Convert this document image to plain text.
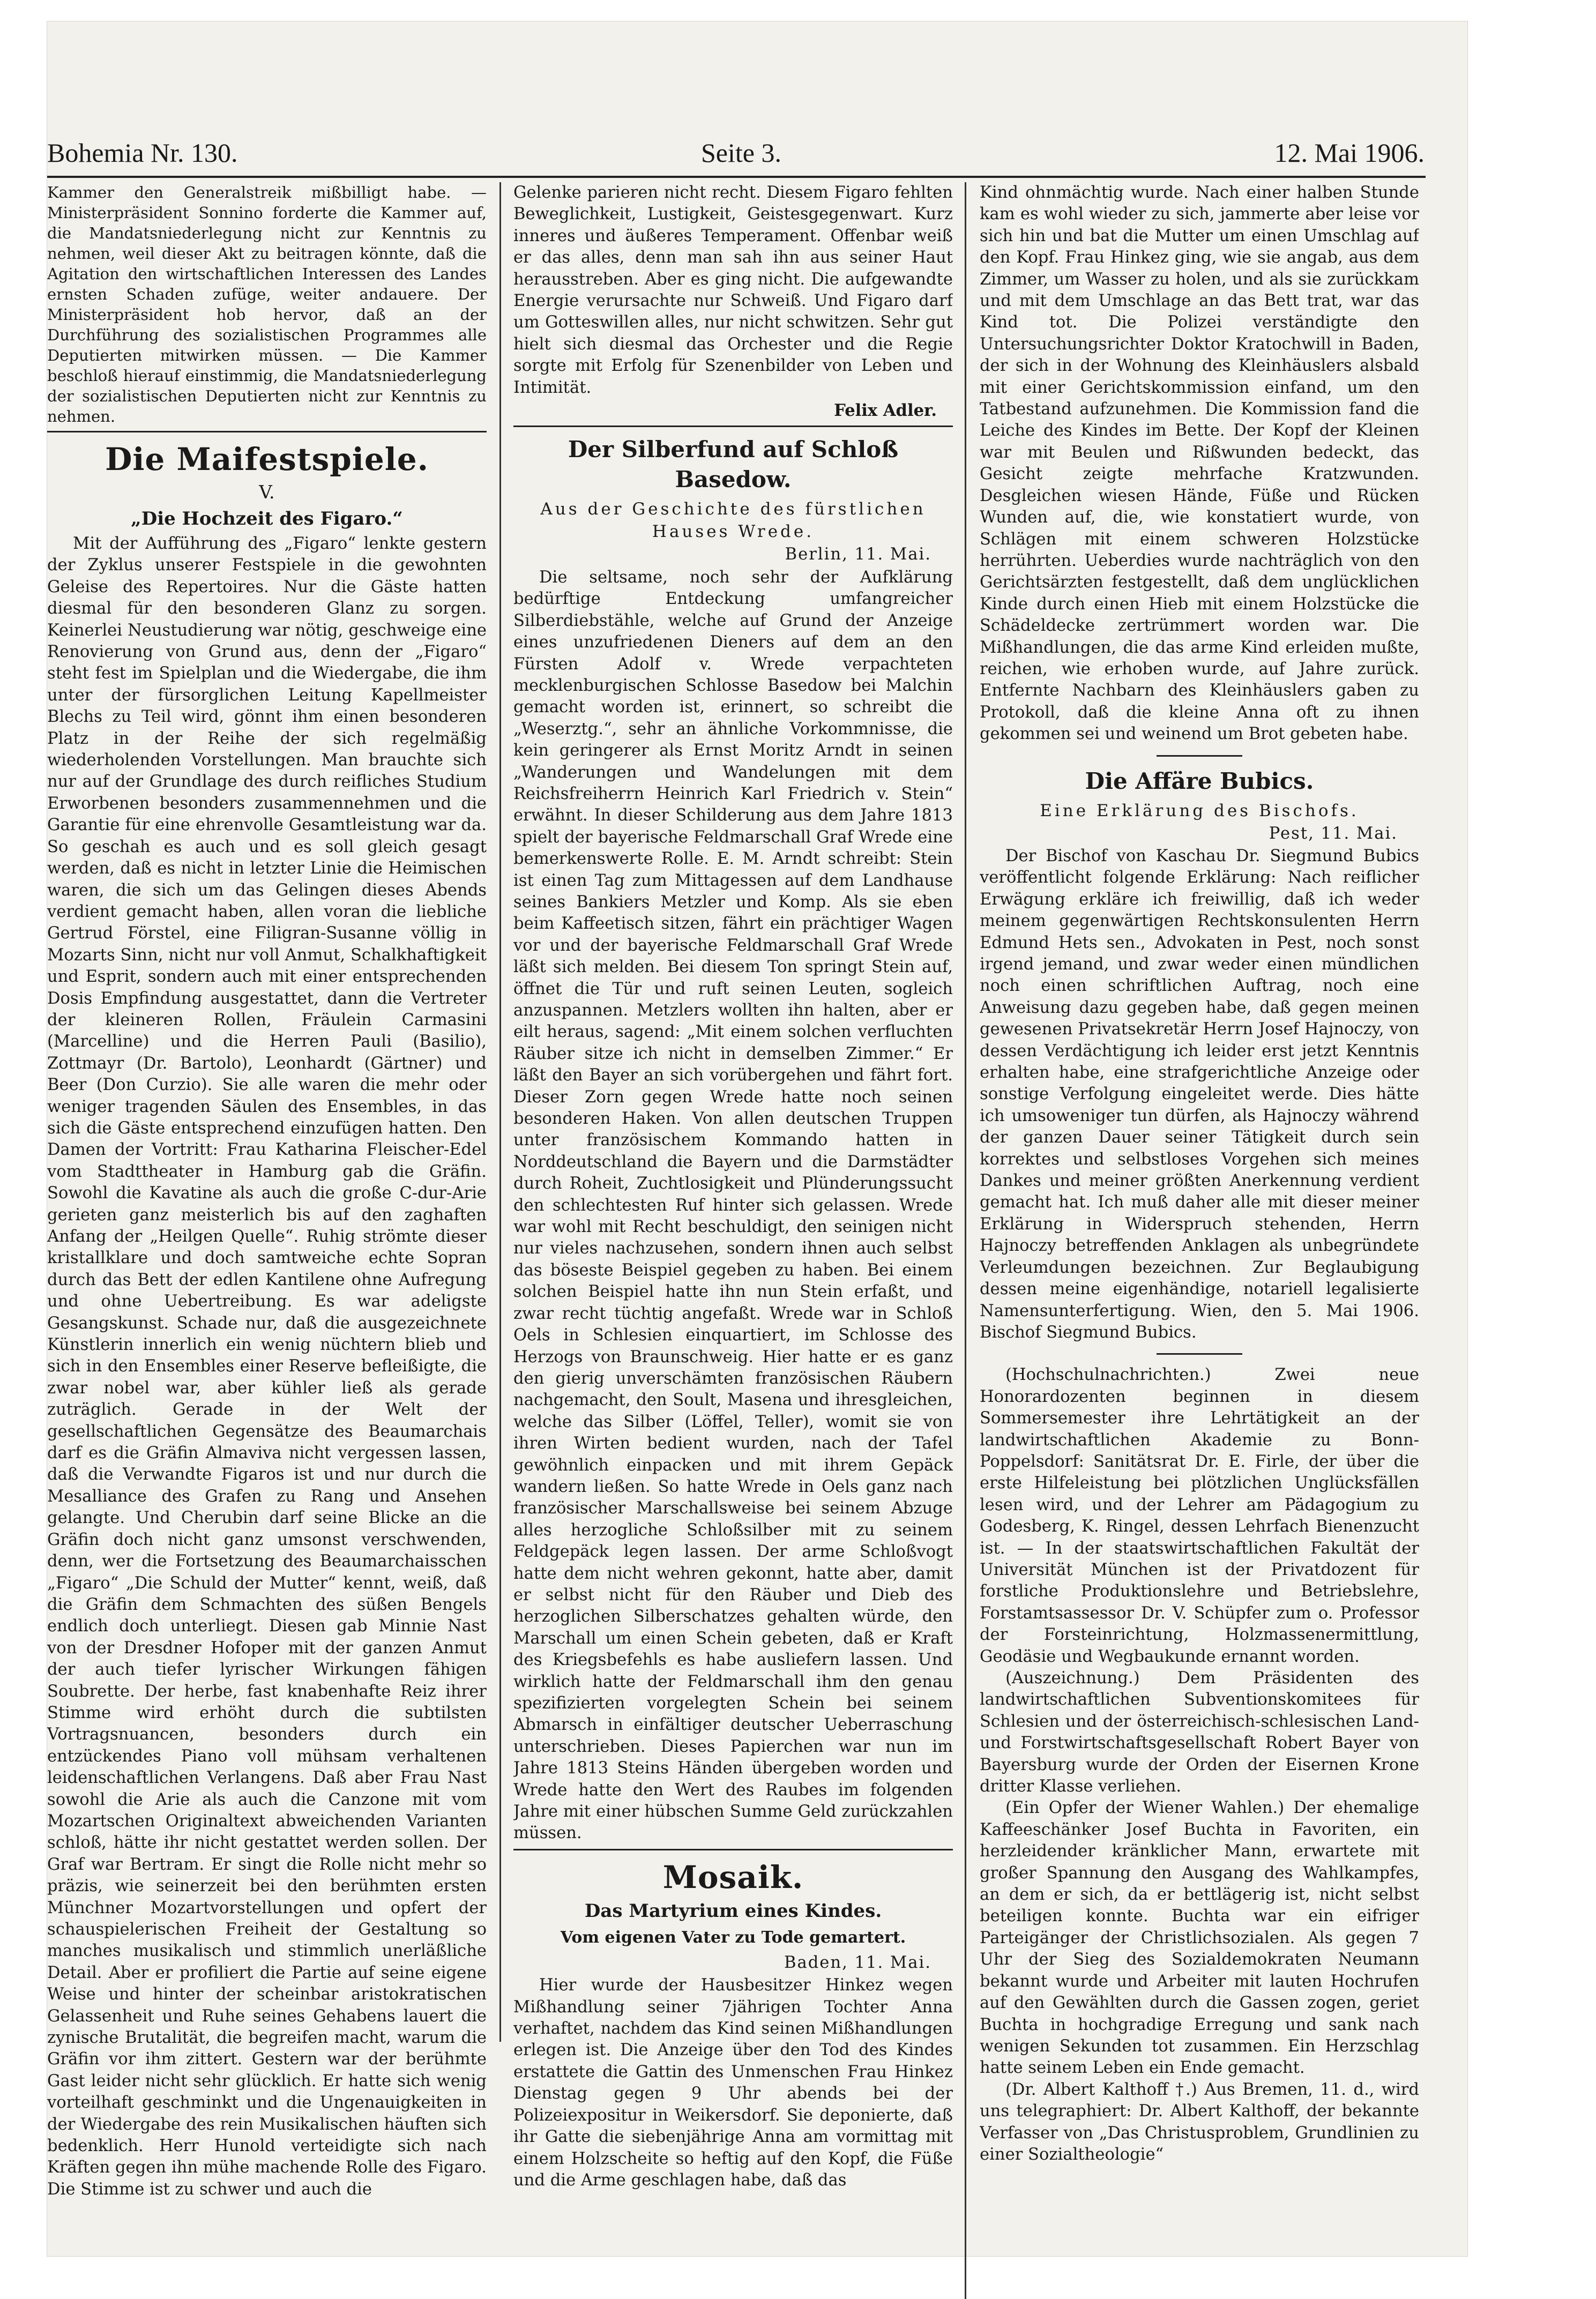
Bohemia Nr. 130.	Seite 3.	12. Mai 1906.

Kammer den Generalstreik mißbilligt habe. — Ministerpräsident Sonnino forderte die Kammer auf, die Mandatsniederlegung nicht zur Kenntnis zu nehmen, weil dieser Akt zu beitragen könnte, daß die Agitation den wirtschaftlichen Interessen des Landes ernsten Schaden zufüge, weiter andauere. Der Ministerpräsident hob hervor, daß an der Durchführung des sozialistischen Programmes alle Deputierten mitwirken müssen. — Die Kammer beschloß hierauf einstimmig, die Mandatsniederlegung der sozialistischen Deputierten nicht zur Kenntnis zu nehmen.

Die Maifestspiele.
V.
„Die Hochzeit des Figaro.“

Mit der Aufführung des „Figaro“ lenkte gestern der Zyklus unserer Festspiele in die gewohnten Geleise des Repertoires. Nur die Gäste hatten diesmal für den besonderen Glanz zu sorgen. Keinerlei Neustudierung war nötig, geschweige eine Renovierung von Grund aus, denn der „Figaro“ steht fest im Spielplan und die Wiedergabe, die ihm unter der fürsorglichen Leitung Kapellmeister Blechs zu Teil wird, gönnt ihm einen besonderen Platz in der Reihe der sich regelmäßig wiederholenden Vorstellungen. Man brauchte sich nur auf der Grundlage des durch reifliches Studium Erworbenen besonders zusammennehmen und die Garantie für eine ehrenvolle Gesamtleistung war da. So geschah es auch und es soll gleich gesagt werden, daß es nicht in letzter Linie die Heimischen waren, die sich um das Gelingen dieses Abends verdient gemacht haben, allen voran die liebliche Gertrud Förstel, eine Filigran-Susanne völlig in Mozarts Sinn, nicht nur voll Anmut, Schalkhaftigkeit und Esprit, sondern auch mit einer entsprechenden Dosis Empfindung ausgestattet, dann die Vertreter der kleineren Rollen, Fräulein Carmasini (Marcelline) und die Herren Pauli (Basilio), Zottmayr (Dr. Bartolo), Leonhardt (Gärtner) und Beer (Don Curzio). Sie alle waren die mehr oder weniger tragenden Säulen des Ensembles, in das sich die Gäste entsprechend einzufügen hatten. Den Damen der Vortritt: Frau Katharina Fleischer-Edel vom Stadttheater in Hamburg gab die Gräfin. Sowohl die Kavatine als auch die große C-dur-Arie gerieten ganz meisterlich bis auf den zaghaften Anfang der „Heilgen Quelle“. Ruhig strömte dieser kristallklare und doch samtweiche echte Sopran durch das Bett der edlen Kantilene ohne Aufregung und ohne Uebertreibung. Es war adeligste Gesangskunst. Schade nur, daß die ausgezeichnete Künstlerin innerlich ein wenig nüchtern blieb und sich in den Ensembles einer Reserve befleißigte, die zwar nobel war, aber kühler ließ als gerade zuträglich. Gerade in der Welt der gesellschaftlichen Gegensätze des Beaumarchais darf es die Gräfin Almaviva nicht vergessen lassen, daß die Verwandte Figaros ist und nur durch die Mesalliance des Grafen zu Rang und Ansehen gelangte. Und Cherubin darf seine Blicke an die Gräfin doch nicht ganz umsonst verschwenden, denn, wer die Fortsetzung des Beaumarchaisschen „Figaro“ „Die Schuld der Mutter“ kennt, weiß, daß die Gräfin dem Schmachten des süßen Bengels endlich doch unterliegt. Diesen gab Minnie Nast von der Dresdner Hofoper mit der ganzen Anmut der auch tiefer lyrischer Wirkungen fähigen Soubrette. Der herbe, fast knabenhafte Reiz ihrer Stimme wird erhöht durch die subtilsten Vortragsnuancen, besonders durch ein entzückendes Piano voll mühsam verhaltenen leidenschaftlichen Verlangens. Daß aber Frau Nast sowohl die Arie als auch die Canzone mit vom Mozartschen Originaltext abweichenden Varianten schloß, hätte ihr nicht gestattet werden sollen. Der Graf war Bertram. Er singt die Rolle nicht mehr so präzis, wie seinerzeit bei den berühmten ersten Münchner Mozartvorstellungen und opfert der schauspielerischen Freiheit der Gestaltung so manches musikalisch und stimmlich unerläßliche Detail. Aber er profiliert die Partie auf seine eigene Weise und hinter der scheinbar aristokratischen Gelassenheit und Ruhe seines Gehabens lauert die zynische Brutalität, die begreifen macht, warum die Gräfin vor ihm zittert. Gestern war der berühmte Gast leider nicht sehr glücklich. Er hatte sich wenig vorteilhaft geschminkt und die Ungenauigkeiten in der Wiedergabe des rein Musikalischen häuften sich bedenklich. Herr Hunold verteidigte sich nach Kräften gegen ihn mühe machende Rolle des Figaro. Die Stimme ist zu schwer und auch die

Gelenke parieren nicht recht. Diesem Figaro fehlten Beweglichkeit, Lustigkeit, Geistesgegenwart. Kurz inneres und äußeres Temperament. Offenbar weiß er das alles, denn man sah ihn aus seiner Haut herausstreben. Aber es ging nicht. Die aufgewandte Energie verursachte nur Schweiß. Und Figaro darf um Gotteswillen alles, nur nicht schwitzen. Sehr gut hielt sich diesmal das Orchester und die Regie sorgte mit Erfolg für Szenenbilder von Leben und Intimität.

Felix Adler.
Der Silberfund auf Schloß Basedow.
Aus der Geschichte des fürstlichen Hauses Wrede.
Berlin, 11. Mai.

Die seltsame, noch sehr der Aufklärung bedürftige Entdeckung umfangreicher Silberdiebstähle, welche auf Grund der Anzeige eines unzufriedenen Dieners auf dem an den Fürsten Adolf v. Wrede verpachteten mecklenburgischen Schlosse Basedow bei Malchin gemacht worden ist, erinnert, so schreibt die „Weserztg.“, sehr an ähnliche Vorkommnisse, die kein geringerer als Ernst Moritz Arndt in seinen „Wanderungen und Wandelungen mit dem Reichsfreiherrn Heinrich Karl Friedrich v. Stein“ erwähnt. In dieser Schilderung aus dem Jahre 1813 spielt der bayerische Feldmarschall Graf Wrede eine bemerkenswerte Rolle. E. M. Arndt schreibt: Stein ist einen Tag zum Mittagessen auf dem Landhause seines Bankiers Metzler und Komp. Als sie eben beim Kaffeetisch sitzen, fährt ein prächtiger Wagen vor und der bayerische Feldmarschall Graf Wrede läßt sich melden. Bei diesem Ton springt Stein auf, öffnet die Tür und ruft seinen Leuten, sogleich anzuspannen. Metzlers wollten ihn halten, aber er eilt heraus, sagend: „Mit einem solchen verfluchten Räuber sitze ich nicht in demselben Zimmer.“ Er läßt den Bayer an sich vorübergehen und fährt fort. Dieser Zorn gegen Wrede hatte noch seinen besonderen Haken. Von allen deutschen Truppen unter französischem Kommando hatten in Norddeutschland die Bayern und die Darmstädter durch Roheit, Zuchtlosigkeit und Plünderungssucht den schlechtesten Ruf hinter sich gelassen. Wrede war wohl mit Recht beschuldigt, den seinigen nicht nur vieles nachzusehen, sondern ihnen auch selbst das böseste Beispiel gegeben zu haben. Bei einem solchen Beispiel hatte ihn nun Stein erfaßt, und zwar recht tüchtig angefaßt. Wrede war in Schloß Oels in Schlesien einquartiert, im Schlosse des Herzogs von Braunschweig. Hier hatte er es ganz den gierig unverschämten französischen Räubern nachgemacht, den Soult, Masena und ihresgleichen, welche das Silber (Löffel, Teller), womit sie von ihren Wirten bedient wurden, nach der Tafel gewöhnlich einpacken und mit ihrem Gepäck wandern ließen. So hatte Wrede in Oels ganz nach französischer Marschallsweise bei seinem Abzuge alles herzogliche Schloßsilber mit zu seinem Feldgepäck legen lassen. Der arme Schloßvogt hatte dem nicht wehren gekonnt, hatte aber, damit er selbst nicht für den Räuber und Dieb des herzoglichen Silberschatzes gehalten würde, den Marschall um einen Schein gebeten, daß er Kraft des Kriegsbefehls es habe ausliefern lassen. Und wirklich hatte der Feldmarschall ihm den genau spezifizierten vorgelegten Schein bei seinem Abmarsch in einfältiger deutscher Ueberraschung unterschrieben. Dieses Papierchen war nun im Jahre 1813 Steins Händen übergeben worden und Wrede hatte den Wert des Raubes im folgenden Jahre mit einer hübschen Summe Geld zurückzahlen müssen.

Mosaik.
Das Martyrium eines Kindes.
Vom eigenen Vater zu Tode gemartert.
Baden, 11. Mai.

Hier wurde der Hausbesitzer Hinkez wegen Mißhandlung seiner 7jährigen Tochter Anna verhaftet, nachdem das Kind seinen Mißhandlungen erlegen ist. Die Anzeige über den Tod des Kindes erstattete die Gattin des Unmenschen Frau Hinkez Dienstag gegen 9 Uhr abends bei der Polizeiexpositur in Weikersdorf. Sie deponierte, daß ihr Gatte die siebenjährige Anna am vormittag mit einem Holzscheite so heftig auf den Kopf, die Füße und die Arme geschlagen habe, daß das

Kind ohnmächtig wurde. Nach einer halben Stunde kam es wohl wieder zu sich, jammerte aber leise vor sich hin und bat die Mutter um einen Umschlag auf den Kopf. Frau Hinkez ging, wie sie angab, aus dem Zimmer, um Wasser zu holen, und als sie zurückkam und mit dem Umschlage an das Bett trat, war das Kind tot. Die Polizei verständigte den Untersuchungsrichter Doktor Kratochwill in Baden, der sich in der Wohnung des Kleinhäuslers alsbald mit einer Gerichtskommission einfand, um den Tatbestand aufzunehmen. Die Kommission fand die Leiche des Kindes im Bette. Der Kopf der Kleinen war mit Beulen und Rißwunden bedeckt, das Gesicht zeigte mehrfache Kratzwunden. Desgleichen wiesen Hände, Füße und Rücken Wunden auf, die, wie konstatiert wurde, von Schlägen mit einem schweren Holzstücke herrührten. Ueberdies wurde nachträglich von den Gerichtsärzten festgestellt, daß dem unglücklichen Kinde durch einen Hieb mit einem Holzstücke die Schädeldecke zertrümmert worden war. Die Mißhandlungen, die das arme Kind erleiden mußte, reichen, wie erhoben wurde, auf Jahre zurück. Entfernte Nachbarn des Kleinhäuslers gaben zu Protokoll, daß die kleine Anna oft zu ihnen gekommen sei und weinend um Brot gebeten habe.

Die Affäre Bubics.
Eine Erklärung des Bischofs.
Pest, 11. Mai.

Der Bischof von Kaschau Dr. Siegmund Bubics veröffentlicht folgende Erklärung: Nach reiflicher Erwägung erkläre ich freiwillig, daß ich weder meinem gegenwärtigen Rechtskonsulenten Herrn Edmund Hets sen., Advokaten in Pest, noch sonst irgend jemand, und zwar weder einen mündlichen noch einen schriftlichen Auftrag, noch eine Anweisung dazu gegeben habe, daß gegen meinen gewesenen Privatsekretär Herrn Josef Hajnoczy, von dessen Verdächtigung ich leider erst jetzt Kenntnis erhalten habe, eine strafgerichtliche Anzeige oder sonstige Verfolgung eingeleitet werde. Dies hätte ich umsoweniger tun dürfen, als Hajnoczy während der ganzen Dauer seiner Tätigkeit durch sein korrektes und selbstloses Vorgehen sich meines Dankes und meiner größten Anerkennung verdient gemacht hat. Ich muß daher alle mit dieser meiner Erklärung in Widerspruch stehenden, Herrn Hajnoczy betreffenden Anklagen als unbegründete Verleumdungen bezeichnen. Zur Beglaubigung dessen meine eigenhändige, notariell legalisierte Namensunterfertigung. Wien, den 5. Mai 1906. Bischof Siegmund Bubics.

(Hochschulnachrichten.) Zwei neue Honorardozenten beginnen in diesem Sommersemester ihre Lehrtätigkeit an der landwirtschaftlichen Akademie zu Bonn-Poppelsdorf: Sanitätsrat Dr. E. Firle, der über die erste Hilfeleistung bei plötzlichen Unglücksfällen lesen wird, und der Lehrer am Pädagogium zu Godesberg, K. Ringel, dessen Lehrfach Bienenzucht ist. — In der staatswirtschaftlichen Fakultät der Universität München ist der Privatdozent für forstliche Produktionslehre und Betriebslehre, Forstamtsassessor Dr. V. Schüpfer zum o. Professor der Forsteinrichtung, Holzmassenermittlung, Geodäsie und Wegbaukunde ernannt worden.

(Auszeichnung.) Dem Präsidenten des landwirtschaftlichen Subventionskomitees für Schlesien und der österreichisch-schlesischen Land- und Forstwirtschaftsgesellschaft Robert Bayer von Bayersburg wurde der Orden der Eisernen Krone dritter Klasse verliehen.

(Ein Opfer der Wiener Wahlen.) Der ehemalige Kaffeeschänker Josef Buchta in Favoriten, ein herzleidender kränklicher Mann, erwartete mit großer Spannung den Ausgang des Wahlkampfes, an dem er sich, da er bettlägerig ist, nicht selbst beteiligen konnte. Buchta war ein eifriger Parteigänger der Christlichsozialen. Als gegen 7 Uhr der Sieg des Sozialdemokraten Neumann bekannt wurde und Arbeiter mit lauten Hochrufen auf den Gewählten durch die Gassen zogen, geriet Buchta in hochgradige Erregung und sank nach wenigen Sekunden tot zusammen. Ein Herzschlag hatte seinem Leben ein Ende gemacht.

(Dr. Albert Kalthoff †.) Aus Bremen, 11. d., wird uns telegraphiert: Dr. Albert Kalthoff, der bekannte Verfasser von „Das Christusproblem, Grundlinien zu einer Sozialtheologie“
